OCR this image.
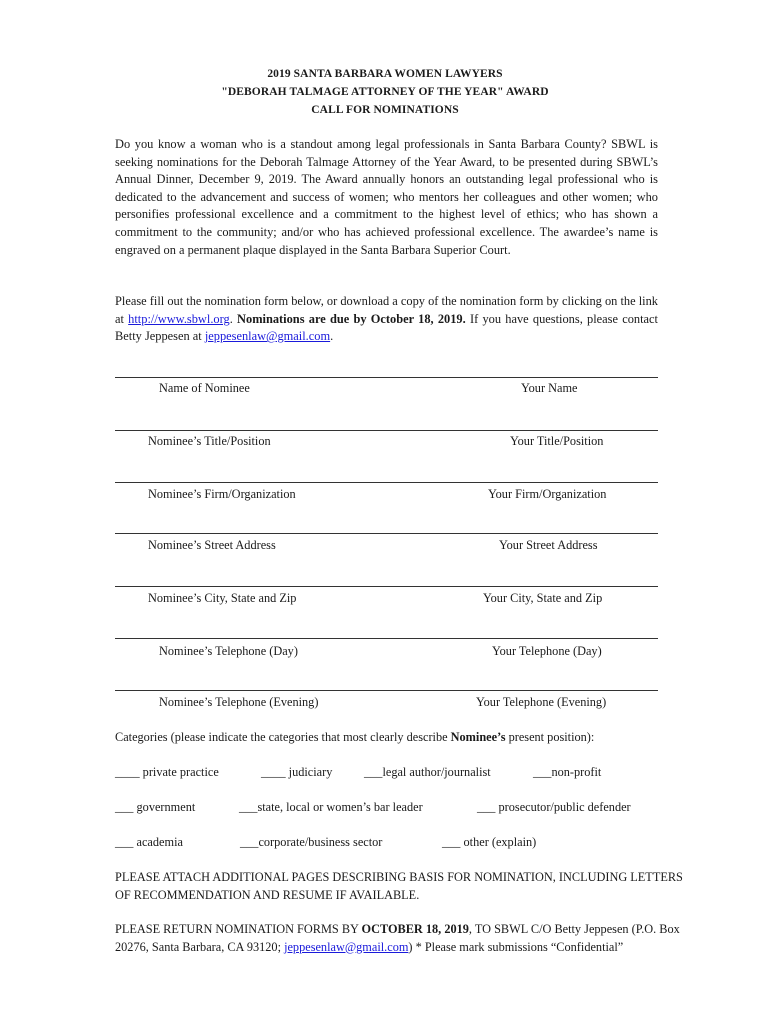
2019 SANTA BARBARA WOMEN LAWYERS
"DEBORAH TALMAGE ATTORNEY OF THE YEAR" AWARD
CALL FOR NOMINATIONS

Do you know a woman who is a standout among legal professionals in Santa Barbara County? SBWL is seeking nominations for the Deborah Talmage Attorney of the Year Award, to be presented during SBWL’s Annual Dinner, December 9, 2019. The Award annually honors an outstanding legal professional who is dedicated to the advancement and success of women; who mentors her colleagues and other women; who personifies professional excellence and a commitment to the highest level of ethics; who has shown a commitment to the community; and/or who has achieved professional excellence. The awardee’s name is engraved on a permanent plaque displayed in the Santa Barbara Superior Court.

Please fill out the nomination form below, or download a copy of the nomination form by clicking on the link at http://www.sbwl.org. Nominations are due by October 18, 2019. If you have questions, please contact Betty Jeppesen at jeppesenlaw@gmail.com.

Name of Nominee	Your Name
Nominee’s Title/Position	Your Title/Position
Nominee’s Firm/Organization	Your Firm/Organization
Nominee’s Street Address	Your Street Address
Nominee’s City, State and Zip	Your City, State and Zip
Nominee’s Telephone (Day)	Your Telephone (Day)
Nominee’s Telephone (Evening)	Your Telephone (Evening)
Categories (please indicate the categories that most clearly describe Nominee’s present position):
____ private practice	____ judiciary	___legal author/journalist	___non-profit
___ government	___state, local or women’s bar leader	___ prosecutor/public defender
___ academia	___corporate/business sector	___ other (explain)
PLEASE ATTACH ADDITIONAL PAGES DESCRIBING BASIS FOR NOMINATION, INCLUDING LETTERS OF RECOMMENDATION AND RESUME IF AVAILABLE.
PLEASE RETURN NOMINATION FORMS BY OCTOBER 18, 2019, TO SBWL C/O Betty Jeppesen (P.O. Box 20276, Santa Barbara, CA 93120; jeppesenlaw@gmail.com) * Please mark submissions “Confidential”
